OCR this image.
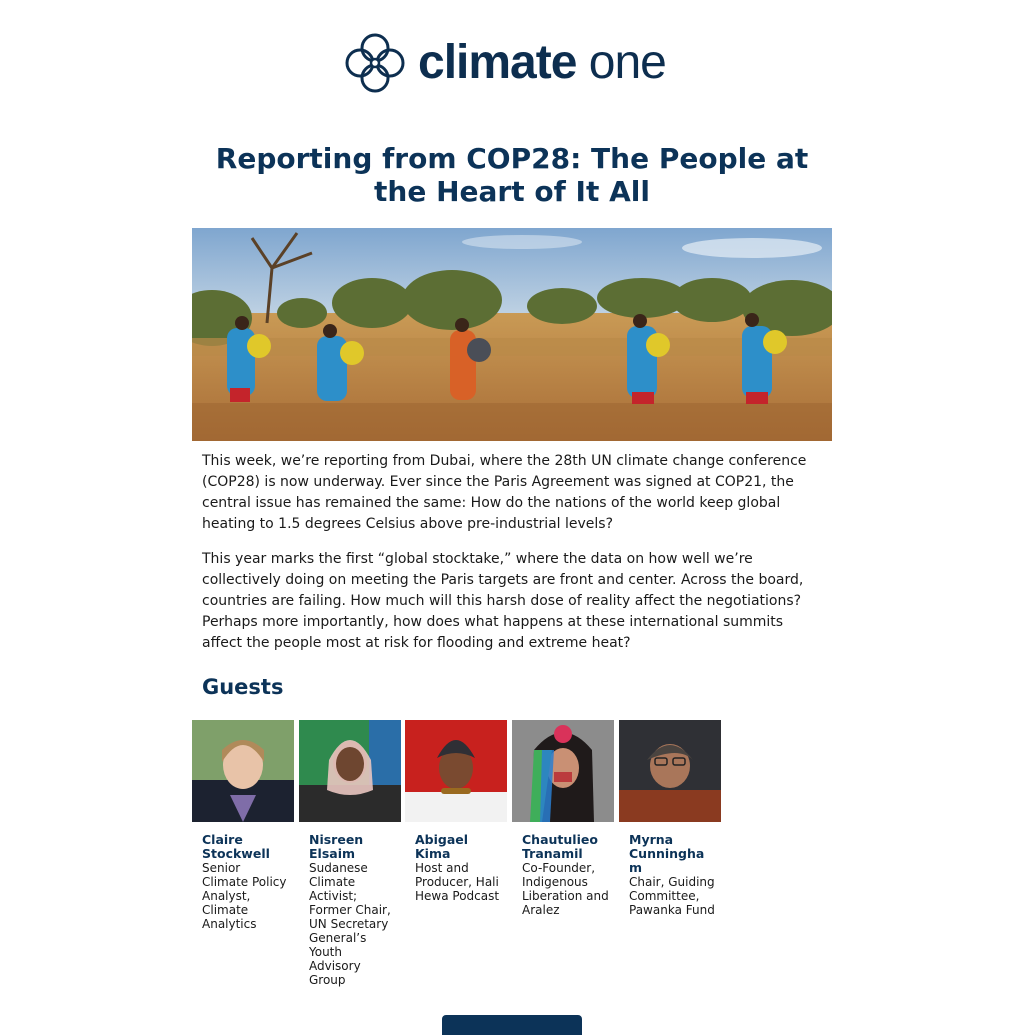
climate one
Reporting from COP28: The People at the Heart of It All

This week, we’re reporting from Dubai, where the 28th UN climate change conference (COP28) is now underway. Ever since the Paris Agreement was signed at COP21, the central issue has remained the same: How do the nations of the world keep global heating to 1.5 degrees Celsius above pre-industrial levels?

This year marks the first “global stocktake,” where the data on how well we’re collectively doing on meeting the Paris targets are front and center. Across the board, countries are failing. How much will this harsh dose of reality affect the negotiations? Perhaps more importantly, how does what happens at these international summits affect the people most at risk for flooding and extreme heat?

Guests
Claire Stockwell
Senior Climate Policy Analyst, Climate Analytics
Nisreen Elsaim
Sudanese Climate Activist; Former Chair, UN Secretary General’s Youth Advisory Group
Abigael Kima
Host and Producer, Hali Hewa Podcast
Chautulieo Tranamil
Co-Founder, Indigenous Liberation and Aralez
Myrna Cunningham
Chair, Guiding Committee, Pawanka Fund
